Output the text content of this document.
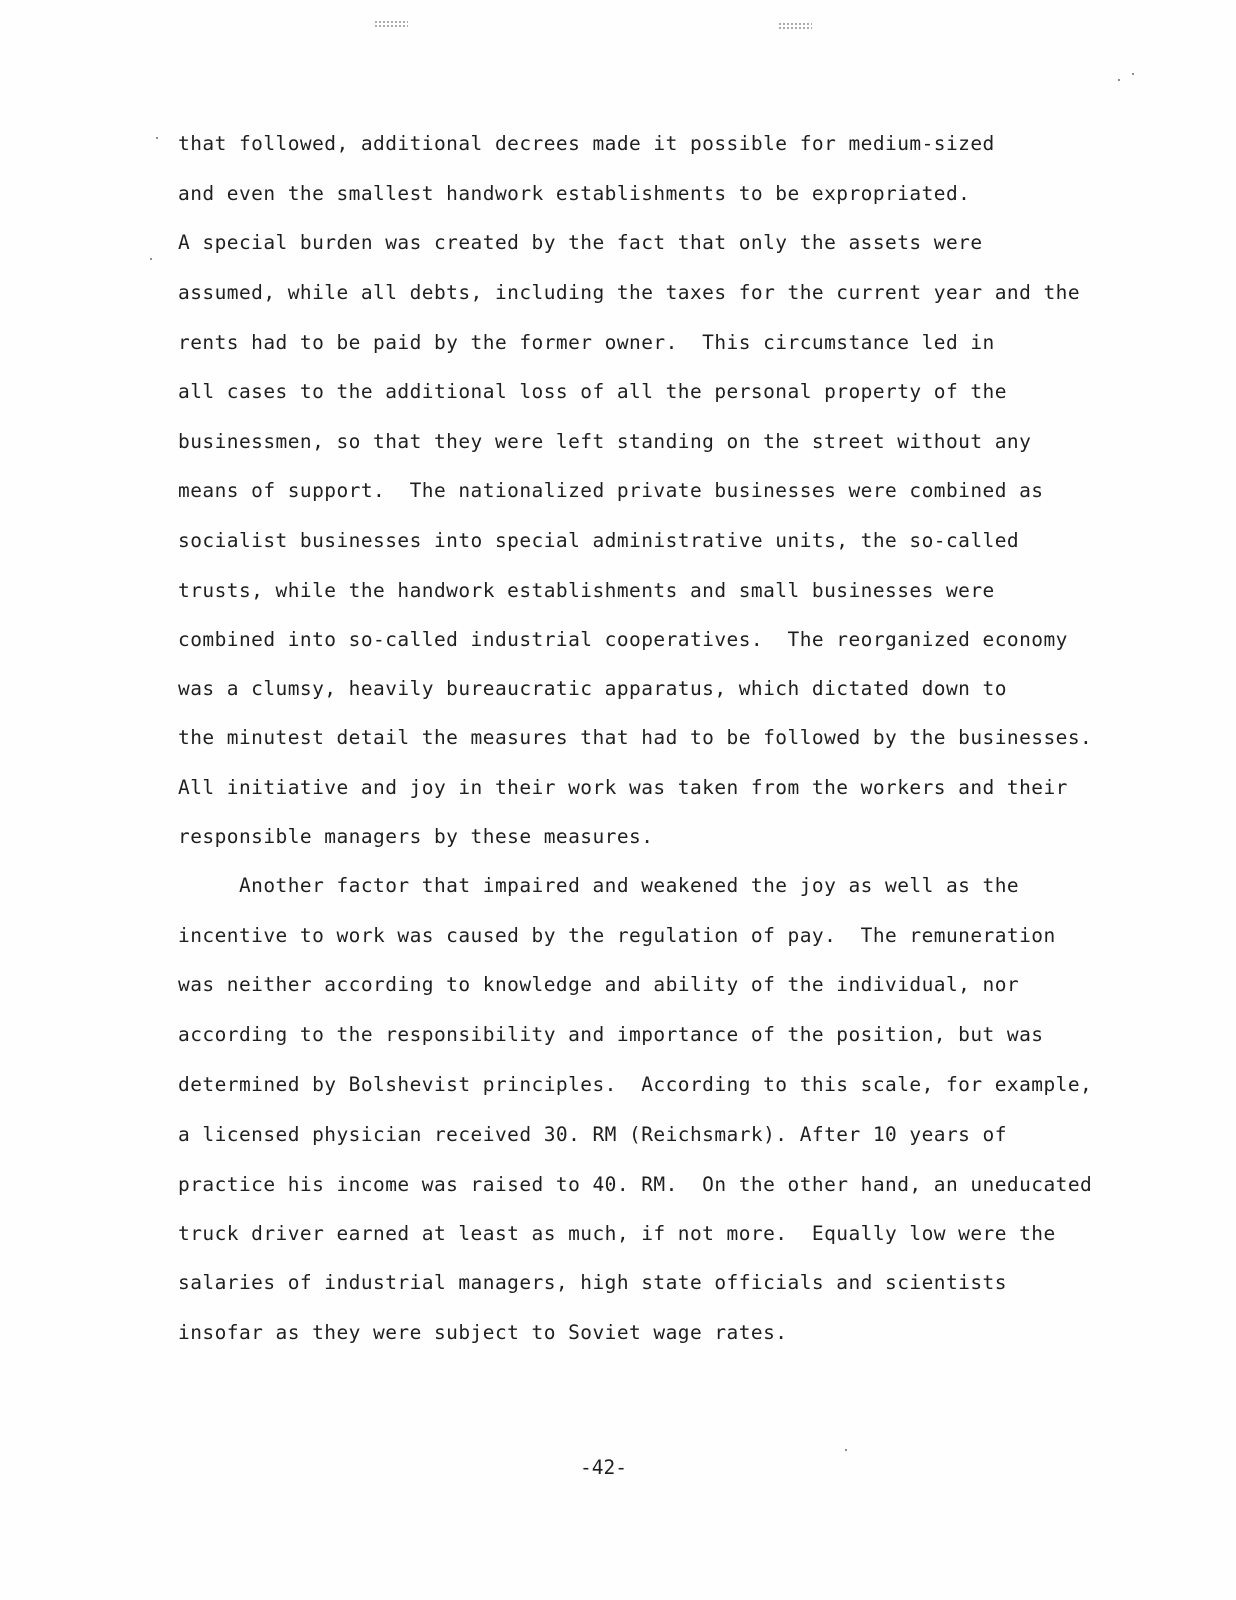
that followed, additional decrees made it possible for medium-sized
and even the smallest handwork establishments to be expropriated.
A special burden was created by the fact that only the assets were
assumed, while all debts, including the taxes for the current year and the
rents had to be paid by the former owner.  This circumstance led in
all cases to the additional loss of all the personal property of the
businessmen, so that they were left standing on the street without any
means of support.  The nationalized private businesses were combined as
socialist businesses into special administrative units, the so-called
trusts, while the handwork establishments and small businesses were
combined into so-called industrial cooperatives.  The reorganized economy
was a clumsy, heavily bureaucratic apparatus, which dictated down to
the minutest detail the measures that had to be followed by the businesses.
All initiative and joy in their work was taken from the workers and their
responsible managers by these measures.
Another factor that impaired and weakened the joy as well as the
incentive to work was caused by the regulation of pay.  The remuneration
was neither according to knowledge and ability of the individual, nor
according to the responsibility and importance of the position, but was
determined by Bolshevist principles.  According to this scale, for example,
a licensed physician received 30. RM (Reichsmark). After 10 years of
practice his income was raised to 40. RM.  On the other hand, an uneducated
truck driver earned at least as much, if not more.  Equally low were the
salaries of industrial managers, high state officials and scientists
insofar as they were subject to Soviet wage rates.
-42-
